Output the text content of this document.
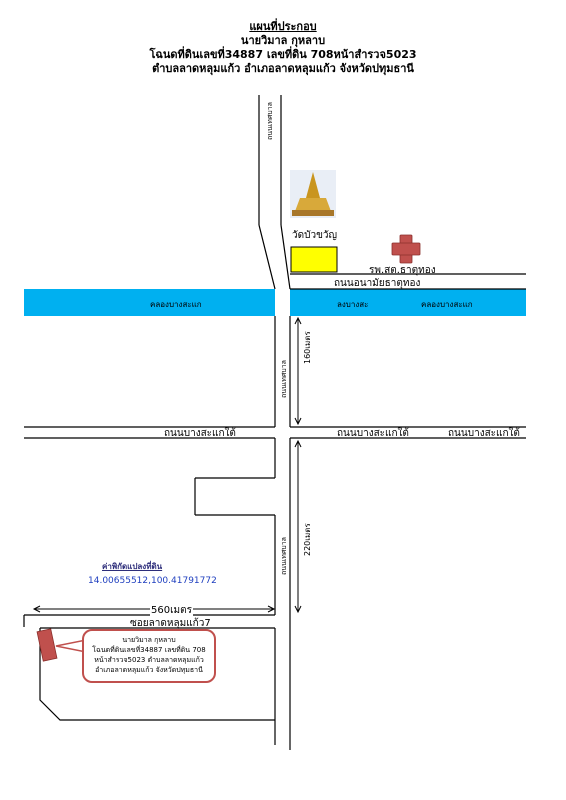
แผนที่ประกอบ
นายวิมาล กุหลาบ
โฉนดที่ดินเลขที่34887 เลขที่ดิน 708หน้าสำรวจ5023
ตำบลลาดหลุมแก้ว อำเภอลาดหลุมแก้ว จังหวัดปทุมธานี
วัดบัวขวัญ
รพ.สต.ธาตุทอง
ถนนอนามัยธาตุทอง
คลองบางสะแก	ลงบางสะ	คลองบางสะแก
ถนนบางสะแกใต้	ถนนบางสะแกใต้	ถนนบางสะแกใต้
ซอยลาดหลุมแก้ว7
ถนนเทศบาล
ถนนเทศบาล
ถนนเทศบาล
160เมตร
220เมตร
560เมตร
ค่าพิกัดแปลงที่ดิน
14.00655512,100.41791772
นายวิมาล กุหลาบ
โฉนดที่ดินเลขที่34887 เลขที่ดิน 708
หน้าสำรวจ5023 ตำบลลาดหลุมแก้ว
อำเภอลาดหลุมแก้ว จังหวัดปทุมธานี
